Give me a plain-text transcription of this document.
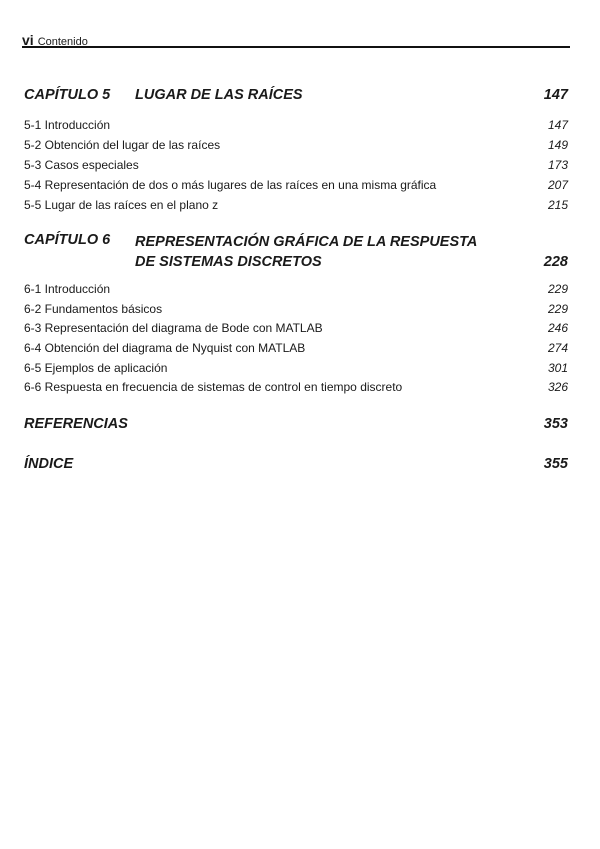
vi Contenido
CAPÍTULO 5 LUGAR DE LAS RAÍCES	147
5-1 Introducción	147
5-2 Obtención del lugar de las raíces	149
5-3 Casos especiales	173
5-4 Representación de dos o más lugares de las raíces en una misma gráfica	207
5-5 Lugar de las raíces en el plano z	215
CAPÍTULO 6	REPRESENTACIÓN GRÁFICA DE LA RESPUESTA
DE SISTEMAS DISCRETOS	228
6-1 Introducción	229
6-2 Fundamentos básicos	229
6-3 Representación del diagrama de Bode con MATLAB	246
6-4 Obtención del diagrama de Nyquist con MATLAB	274
6-5 Ejemplos de aplicación	301
6-6 Respuesta en frecuencia de sistemas de control en tiempo discreto	326
REFERENCIAS	353
ÍNDICE	355
